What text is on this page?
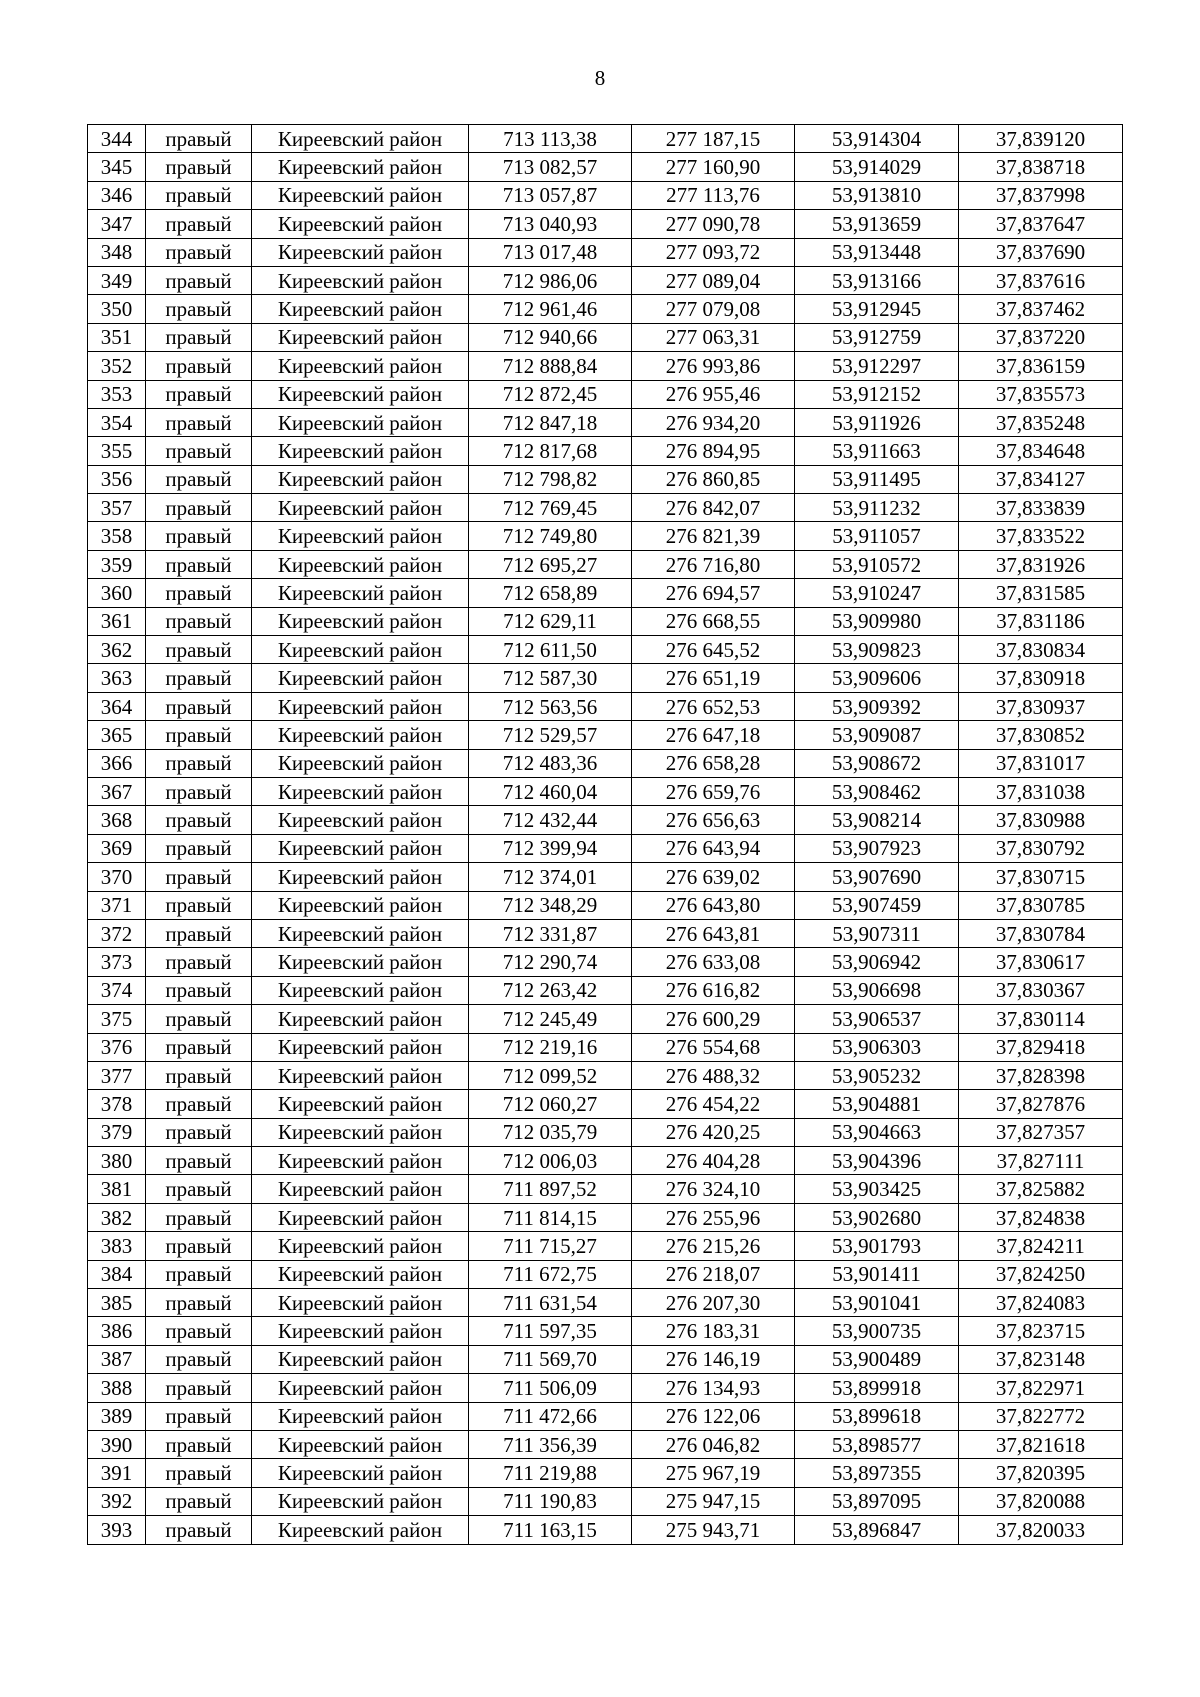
8
344	правый	Киреевский район	713 113,38	277 187,15	53,914304	37,839120
345	правый	Киреевский район	713 082,57	277 160,90	53,914029	37,838718
346	правый	Киреевский район	713 057,87	277 113,76	53,913810	37,837998
347	правый	Киреевский район	713 040,93	277 090,78	53,913659	37,837647
348	правый	Киреевский район	713 017,48	277 093,72	53,913448	37,837690
349	правый	Киреевский район	712 986,06	277 089,04	53,913166	37,837616
350	правый	Киреевский район	712 961,46	277 079,08	53,912945	37,837462
351	правый	Киреевский район	712 940,66	277 063,31	53,912759	37,837220
352	правый	Киреевский район	712 888,84	276 993,86	53,912297	37,836159
353	правый	Киреевский район	712 872,45	276 955,46	53,912152	37,835573
354	правый	Киреевский район	712 847,18	276 934,20	53,911926	37,835248
355	правый	Киреевский район	712 817,68	276 894,95	53,911663	37,834648
356	правый	Киреевский район	712 798,82	276 860,85	53,911495	37,834127
357	правый	Киреевский район	712 769,45	276 842,07	53,911232	37,833839
358	правый	Киреевский район	712 749,80	276 821,39	53,911057	37,833522
359	правый	Киреевский район	712 695,27	276 716,80	53,910572	37,831926
360	правый	Киреевский район	712 658,89	276 694,57	53,910247	37,831585
361	правый	Киреевский район	712 629,11	276 668,55	53,909980	37,831186
362	правый	Киреевский район	712 611,50	276 645,52	53,909823	37,830834
363	правый	Киреевский район	712 587,30	276 651,19	53,909606	37,830918
364	правый	Киреевский район	712 563,56	276 652,53	53,909392	37,830937
365	правый	Киреевский район	712 529,57	276 647,18	53,909087	37,830852
366	правый	Киреевский район	712 483,36	276 658,28	53,908672	37,831017
367	правый	Киреевский район	712 460,04	276 659,76	53,908462	37,831038
368	правый	Киреевский район	712 432,44	276 656,63	53,908214	37,830988
369	правый	Киреевский район	712 399,94	276 643,94	53,907923	37,830792
370	правый	Киреевский район	712 374,01	276 639,02	53,907690	37,830715
371	правый	Киреевский район	712 348,29	276 643,80	53,907459	37,830785
372	правый	Киреевский район	712 331,87	276 643,81	53,907311	37,830784
373	правый	Киреевский район	712 290,74	276 633,08	53,906942	37,830617
374	правый	Киреевский район	712 263,42	276 616,82	53,906698	37,830367
375	правый	Киреевский район	712 245,49	276 600,29	53,906537	37,830114
376	правый	Киреевский район	712 219,16	276 554,68	53,906303	37,829418
377	правый	Киреевский район	712 099,52	276 488,32	53,905232	37,828398
378	правый	Киреевский район	712 060,27	276 454,22	53,904881	37,827876
379	правый	Киреевский район	712 035,79	276 420,25	53,904663	37,827357
380	правый	Киреевский район	712 006,03	276 404,28	53,904396	37,827111
381	правый	Киреевский район	711 897,52	276 324,10	53,903425	37,825882
382	правый	Киреевский район	711 814,15	276 255,96	53,902680	37,824838
383	правый	Киреевский район	711 715,27	276 215,26	53,901793	37,824211
384	правый	Киреевский район	711 672,75	276 218,07	53,901411	37,824250
385	правый	Киреевский район	711 631,54	276 207,30	53,901041	37,824083
386	правый	Киреевский район	711 597,35	276 183,31	53,900735	37,823715
387	правый	Киреевский район	711 569,70	276 146,19	53,900489	37,823148
388	правый	Киреевский район	711 506,09	276 134,93	53,899918	37,822971
389	правый	Киреевский район	711 472,66	276 122,06	53,899618	37,822772
390	правый	Киреевский район	711 356,39	276 046,82	53,898577	37,821618
391	правый	Киреевский район	711 219,88	275 967,19	53,897355	37,820395
392	правый	Киреевский район	711 190,83	275 947,15	53,897095	37,820088
393	правый	Киреевский район	711 163,15	275 943,71	53,896847	37,820033
